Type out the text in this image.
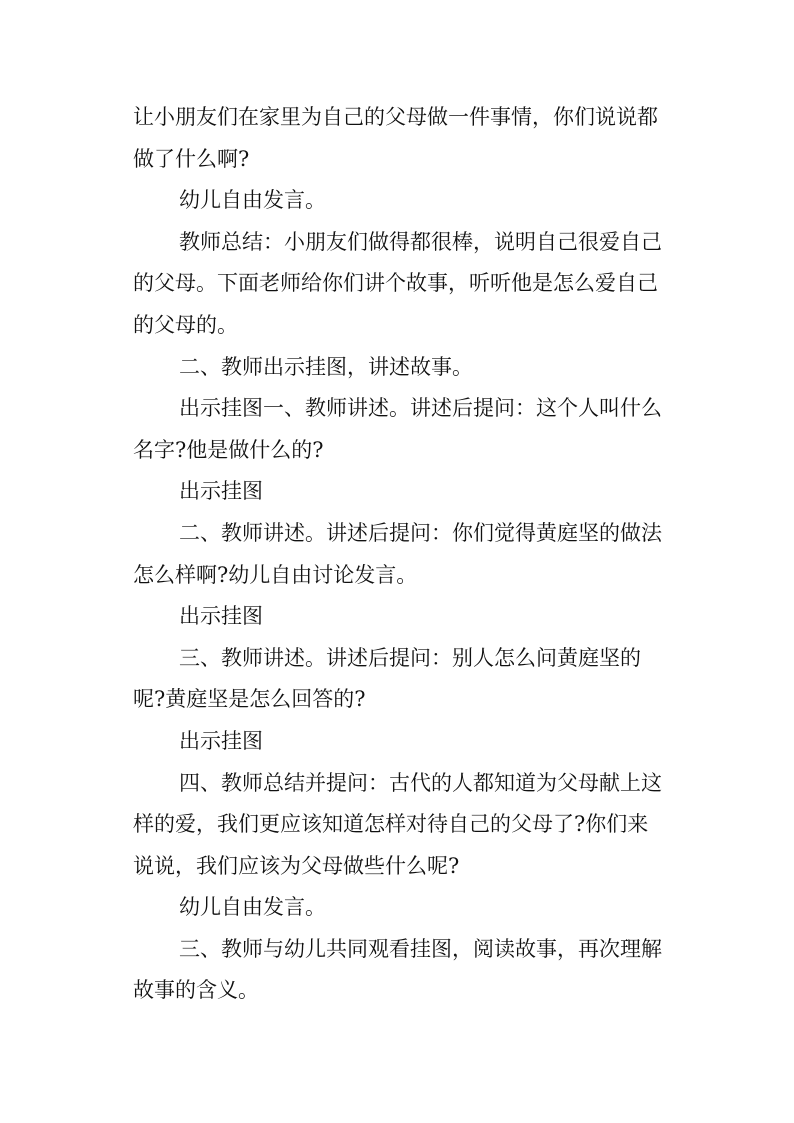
让小朋友们在家里为自己的父母做一件事情，你们说说都做了什么啊?

幼儿自由发言。

教师总结：小朋友们做得都很棒，说明自己很爱自己的父母。下面老师给你们讲个故事，听听他是怎么爱自己的父母的。

二、教师出示挂图，讲述故事。

出示挂图一、教师讲述。讲述后提问：这个人叫什么名字?他是做什么的?

出示挂图

二、教师讲述。讲述后提问：你们觉得黄庭坚的做法怎么样啊?幼儿自由讨论发言。

出示挂图

三、教师讲述。讲述后提问：别人怎么问黄庭坚的呢?黄庭坚是怎么回答的?

出示挂图

四、教师总结并提问：古代的人都知道为父母献上这样的爱，我们更应该知道怎样对待自己的父母了?你们来说说，我们应该为父母做些什么呢?

幼儿自由发言。

三、教师与幼儿共同观看挂图，阅读故事，再次理解故事的含义。
